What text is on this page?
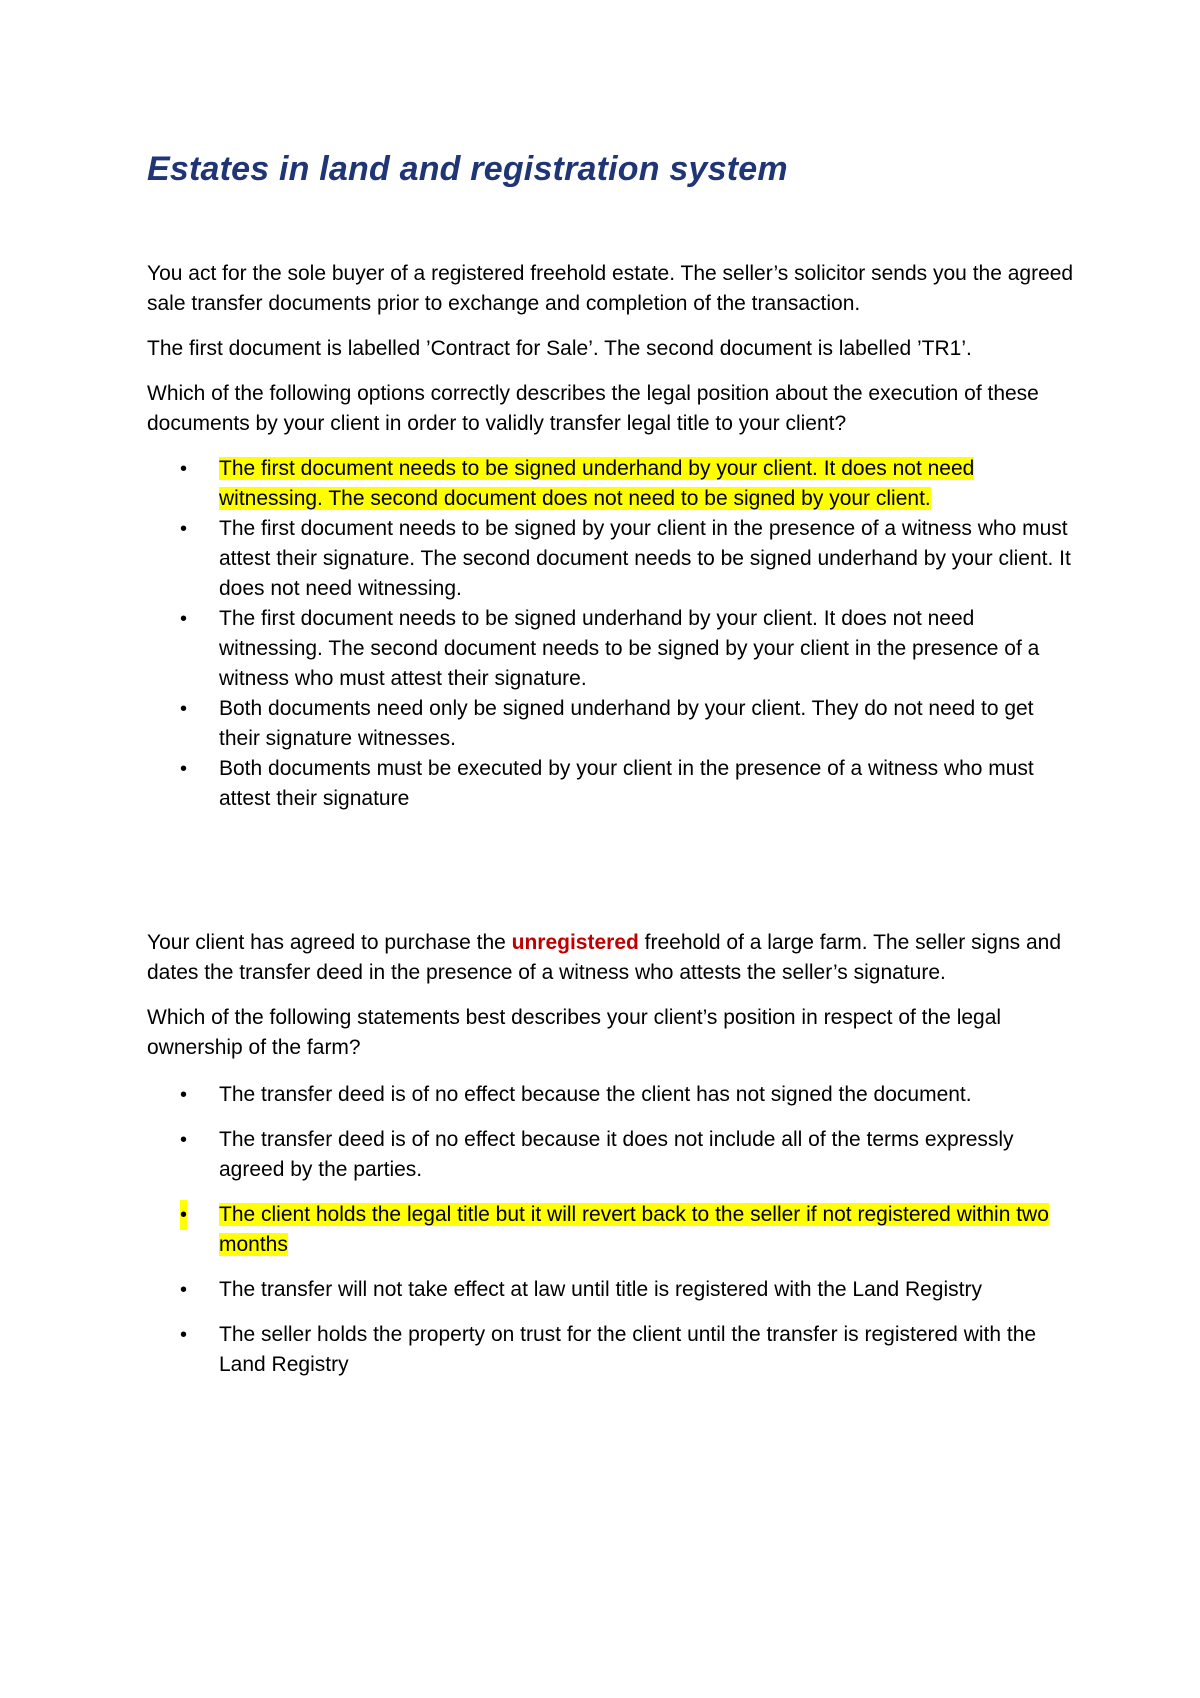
Estates in land and registration system

You act for the sole buyer of a registered freehold estate. The seller’s solicitor sends you the agreed sale transfer documents prior to exchange and completion of the transaction.

The first document is labelled ’Contract for Sale’. The second document is labelled ’TR1’.

Which of the following options correctly describes the legal position about the execution of these documents by your client in order to validly transfer legal title to your client?

• The first document needs to be signed underhand by your client. It does not need witnessing. The second document does not need to be signed by your client.
• The first document needs to be signed by your client in the presence of a witness who must attest their signature. The second document needs to be signed underhand by your client. It does not need witnessing.
• The first document needs to be signed underhand by your client. It does not need witnessing. The second document needs to be signed by your client in the presence of a witness who must attest their signature.
• Both documents need only be signed underhand by your client. They do not need to get their signature witnesses.
• Both documents must be executed by your client in the presence of a witness who must attest their signature

Your client has agreed to purchase the unregistered freehold of a large farm. The seller signs and dates the transfer deed in the presence of a witness who attests the seller’s signature.

Which of the following statements best describes your client’s position in respect of the legal ownership of the farm?

• The transfer deed is of no effect because the client has not signed the document.
• The transfer deed is of no effect because it does not include all of the terms expressly agreed by the parties.
• The client holds the legal title but it will revert back to the seller if not registered within two months
• The transfer will not take effect at law until title is registered with the Land Registry
• The seller holds the property on trust for the client until the transfer is registered with the Land Registry
